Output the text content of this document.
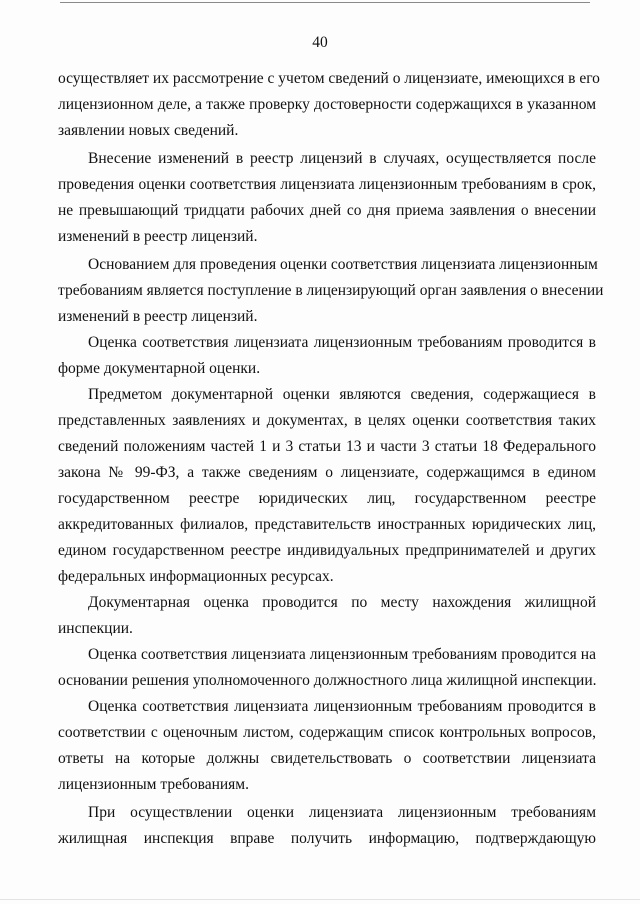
40
осуществляет их рассмотрение с учетом сведений о лицензиате, имеющихся в его
лицензионном деле, а также проверку достоверности содержащихся в указанном
заявлении новых сведений.
Внесение изменений в реестр лицензий в случаях, осуществляется после
проведения оценки соответствия лицензиата лицензионным требованиям в срок,
не превышающий тридцати рабочих дней со дня приема заявления о внесении
изменений в реестр лицензий.
Основанием для проведения оценки соответствия лицензиата лицензионным
требованиям является поступление в лицензирующий орган заявления о внесении
изменений в реестр лицензий.
Оценка соответствия лицензиата лицензионным требованиям проводится в
форме документарной оценки.
Предметом документарной оценки являются сведения, содержащиеся в
представленных заявлениях и документах, в целях оценки соответствия таких
сведений положениям частей 1 и 3 статьи 13 и части 3 статьи 18 Федерального
закона № 99-ФЗ, а также сведениям о лицензиате, содержащимся в едином
государственном реестре юридических лиц, государственном реестре
аккредитованных филиалов, представительств иностранных юридических лиц,
едином государственном реестре индивидуальных предпринимателей и других
федеральных информационных ресурсах.
Документарная оценка проводится по месту нахождения жилищной
инспекции.
Оценка соответствия лицензиата лицензионным требованиям проводится на
основании решения уполномоченного должностного лица жилищной инспекции.
Оценка соответствия лицензиата лицензионным требованиям проводится в
соответствии с оценочным листом, содержащим список контрольных вопросов,
ответы на которые должны свидетельствовать о соответствии лицензиата
лицензионным требованиям.
При осуществлении оценки лицензиата лицензионным требованиям
жилищная инспекция вправе получить информацию, подтверждающую
